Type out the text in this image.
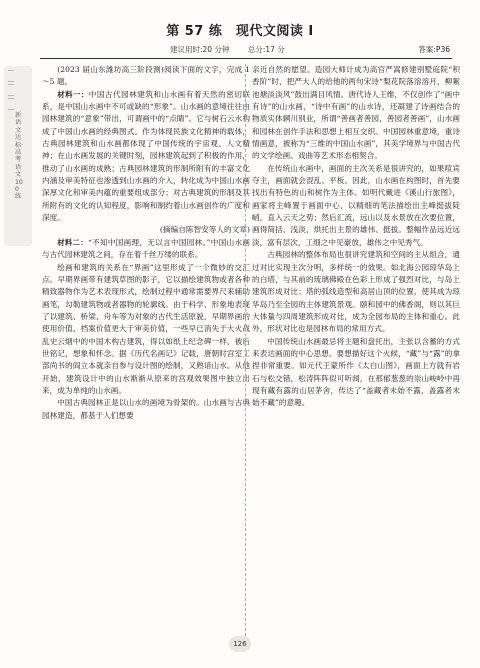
第 57 练　现代文阅读 I
建议用时:20 分钟 总分:17 分	答案:P36
新语文达标·高考语文 100 练

(2023 届山东潍坊高三阶段测)阅读下面的文字，完成 1～5 题。

材料一：中国古代园林建筑和山水画有着天然的密切联系，是中国山水画中不可或缺的“形象”。山水画的意境往往由园林建筑的“意象”带出，可谓画中的“点睛”。它与树石云水构成了中国山水画的经典图式。作为体现民族文化精神的载体，古典园林建筑和山水画都体现了中国传统的宇宙观、人文精神；在山水画发展的关键时刻，园林建筑起到了积极的作用，推动了山水画的成熟；古典园林建筑的形制所附有的丰富文化内涵及审美特征也渗透到山水画的介入，转化成为中国山水画深厚文化和审美内蕴的重要组成部分；对古典建筑的形制及其所附有的文化的认知程度，影响和制约着山水画创作的广度和深度。

(摘编自陈智安等人的文章)

材料二：“不知中国画理，无以言中国园林。”中国山水画与古代园林建筑之间，存在着千丝万缕的联系。

绘画和建筑的关系在“界画”这里形成了一个微妙的交汇点。早期界画带有建筑草图的影子，它以描绘建筑物或者各种精致器物作为艺术表现形式，绘制过程中通常需要界尺来辅助画笔，勾勒建筑物或者器物的轮廓线。由于科学、形象地表现了以建筑、桥梁、舟车等为对象的古代生活原貌，早期界画的使用价值、档案价值更大于审美价值，一些早已消失于大火战乱史云烟中的中国木构古建筑，得以如纸上纪念碑一样，被后世铭记，想象和怀念。据《历代名画记》记载，唐朝时宫室工部尚书的阎立本就亲自参与设计图的绘制，又熟谙山水。从他开始，建筑设计中的山水渐渐从原来的宫观效果图中独立出来，成为单纯的山水画。

中国古典园林正是以山水的画境为骨架的。山水画与古典园林建造，都基于人们想要

亲近自然的愿望。造园大师计成为高官严嵩修建别墅庭院“积香阶”时，把严大人的给他的两句宋诗“梨花院落溶溶月，柳絮池塘淡淡风”鼓出满目风情。唐代诗人王维，不仅创作了“画中有诗”的山水画，“诗中有画”的山水诗，还凝建了诗画结合的物质实体辋川别业，所谓“善画者善园，善园者善画”，山水画和园林在创作手法和思想上相互交织。中国园林重意境，重诗情画意，被称为“三维的中国山水画”，其美学境界与中国古代的文学绘画、戏曲等艺术形态相契合。

在传统山水画中，画面的主次关系是很讲究的，如果喧宾夺主，画面就会混乱、平板。因此，山水画在构图时，首先要找出有特色的山和树作为主体。如明代戴进《溪山行旅图》，画家将主峰置于画面中心，以精细的笔法描绘出主峰挺拔陡峭，直入云天之势；然后汇流，远山以及水景放在次要位置，画得简括、浅淡，烘托出主景的雄伟、挺拔。整幅作品远近远淡，富有层次，工细之中见豪放，雄伟之中见秀气。

古典园林的整体布局也很讲究建筑和空间的主从组合，通过对比实现主次分明，多样统一的效果。如北海公园琼华岛上的白塔，与其前的琉璃佛殿在色彩上形成了强烈对比，与岛上建筑形成对比；塔的弧线造型和高居山顶的位置，使其成为琼华岛乃至全园的主体建筑景观。颐和园中的佛香阁，则以其巨大体量与四周建筑形成对比，成为全园布局的主体和重心。此外，形状对比也是园林布局的常用方式。

中国传统山水画最忌将主题和盘托出，主张以含蓄的方式来表达画面的中心思想。要想描好这个火候，“藏”与“露”的拿捏非常重要。如元代王蒙所作《太白山图》，画面上方就有岩石与松交错，松涛阵阵似可听闻，在那郁葱葱的崇山峻岭中再现有藏有露的山居茅舍，传达了“盖藏者未始不露，盖露者未始不藏”的意趣。

126
